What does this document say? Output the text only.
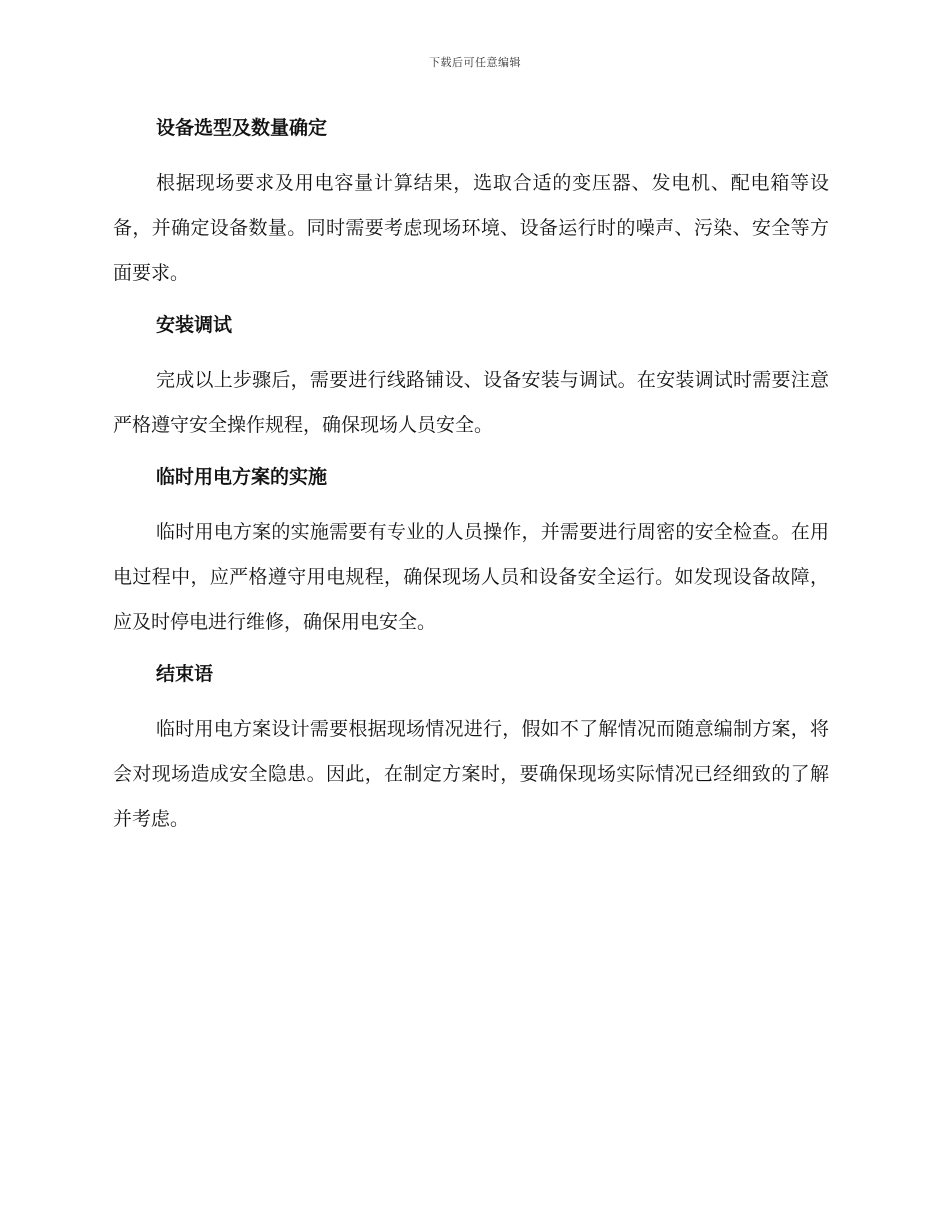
下载后可任意编辑
设备选型及数量确定

根据现场要求及用电容量计算结果，选取合适的变压器、发电机、配电箱等设备，并确定设备数量。同时需要考虑现场环境、设备运行时的噪声、污染、安全等方面要求。

安装调试

完成以上步骤后，需要进行线路铺设、设备安装与调试。在安装调试时需要注意严格遵守安全操作规程，确保现场人员安全。

临时用电方案的实施

临时用电方案的实施需要有专业的人员操作，并需要进行周密的安全检查。在用电过程中，应严格遵守用电规程，确保现场人员和设备安全运行。如发现设备故障，应及时停电进行维修，确保用电安全。

结束语

临时用电方案设计需要根据现场情况进行，假如不了解情况而随意编制方案，将会对现场造成安全隐患。因此，在制定方案时，要确保现场实际情况已经细致的了解并考虑。
